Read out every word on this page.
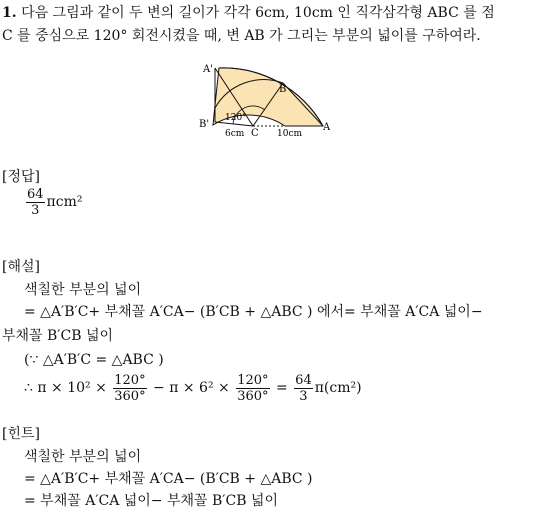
1. 다음 그림과 같이 두 변의 길이가 각각 6cm, 10cm 인 직각삼각형 ABC 를 점
C 를 중심으로 120° 회전시켰을 때, 변 AB 가 그리는 부분의 넓이를 구하여라.
A'
B
B'
C
A
120°
6cm	10cm
[정답]
$\frac{64}{3} \pi cm^2$
[해설]
색칠한 부분의 넓이
= △A′B′C+ 부채꼴 A′CA− (B′CB + △ABC ) 에서= 부채꼴 A′CA 넓이−
부채꼴 B′CB 넓이
(∵ △A′B′C = △ABC )
∴ $\pi \times 10^2 \times \frac{120^\circ}{360^\circ} - \pi \times 6^2 \times \frac{120^\circ}{360^\circ} = \frac{64}{3} \pi(cm^2)$
[힌트]
색칠한 부분의 넓이
= △A′B′C+ 부채꼴 A′CA− (B′CB + △ABC )
= 부채꼴 A′CA 넓이− 부채꼴 B′CB 넓이
